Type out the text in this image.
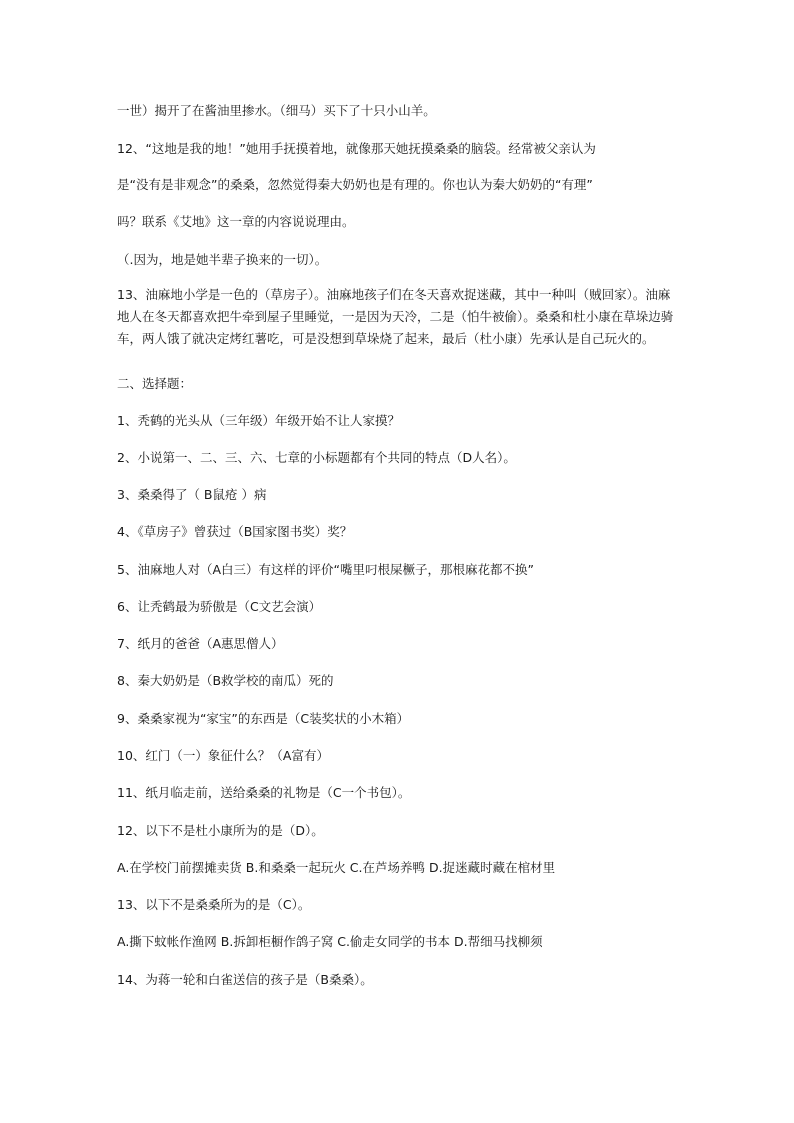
一世）揭开了在酱油里掺水。（细马）买下了十只小山羊。
12、“这地是我的地！”她用手抚摸着地，就像那天她抚摸桑桑的脑袋。经常被父亲认为
是“没有是非观念”的桑桑，忽然觉得秦大奶奶也是有理的。你也认为秦大奶奶的“有理”
吗？联系《艾地》这一章的内容说说理由。
（.因为，地是她半辈子换来的一切）。
13、油麻地小学是一色的（草房子）。油麻地孩子们在冬天喜欢捉迷藏，其中一种叫（贼回家）。油麻地人在冬天都喜欢把牛牵到屋子里睡觉，一是因为天冷，二是（怕牛被偷）。桑桑和杜小康在草垛边骑车，两人饿了就决定烤红薯吃，可是没想到草垛烧了起来，最后（杜小康）先承认是自己玩火的。
二、选择题：
1、秃鹤的光头从（三年级）年级开始不让人家摸？
2、小说第一、二、三、六、七章的小标题都有个共同的特点（D人名）。
3、桑桑得了（ B鼠疮 ）病
4、《草房子》曾获过（B国家图书奖）奖？
5、油麻地人对（A白三）有这样的评价“嘴里叼根屎橛子，那根麻花都不换”
6、让秃鹤最为骄傲是（C文艺会演）
7、纸月的爸爸（A惠思僧人）
8、秦大奶奶是（B救学校的南瓜）死的
9、桑桑家视为“家宝”的东西是（C装奖状的小木箱）
10、红门（一）象征什么？（A富有）
11、纸月临走前，送给桑桑的礼物是（C一个书包）。
12、以下不是杜小康所为的是（D）。
A.在学校门前摆摊卖货 B.和桑桑一起玩火 C.在芦场养鸭 D.捉迷藏时藏在棺材里
13、以下不是桑桑所为的是（C）。
A.撕下蚊帐作渔网 B.拆卸柜橱作鸽子窝 C.偷走女同学的书本 D.帮细马找柳须
14、为蒋一轮和白雀送信的孩子是（B桑桑）。
